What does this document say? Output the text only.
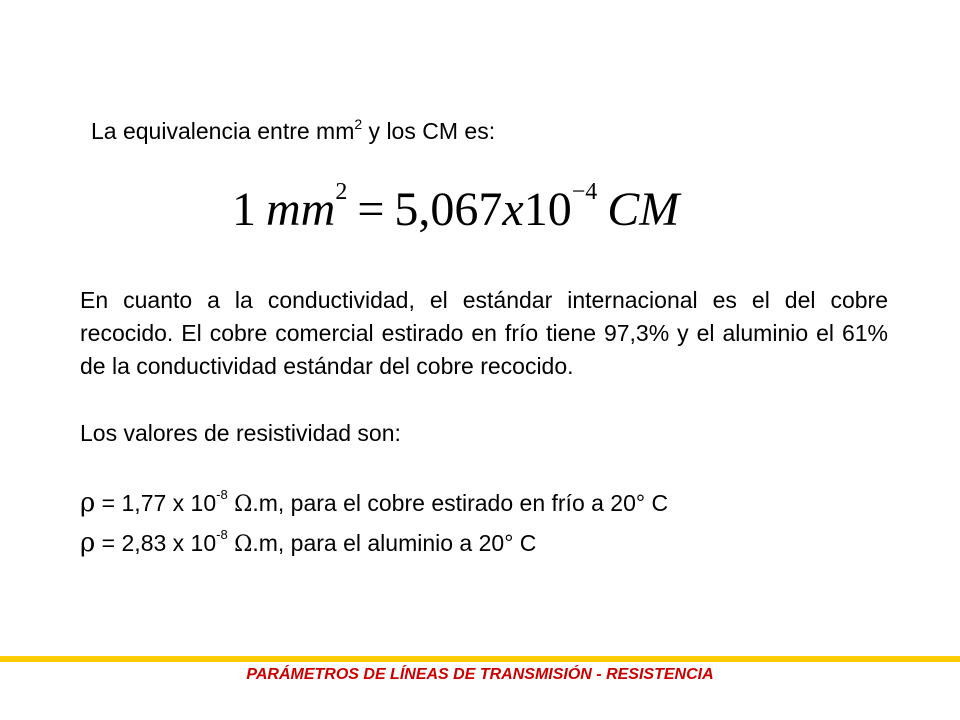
La equivalencia entre $mm^2$ y los CM es:
1 $mm^2 = 5,067x10^{-4}$ CM
En cuanto a la conductividad, el estándar internacional es el del cobre recocido. El cobre comercial estirado en frío tiene 97,3% y el aluminio el 61% de la conductividad estándar del cobre recocido.
Los valores de resistividad son:
ρ = 1,77 x $10^{-8}$ Ω.m, para el cobre estirado en frío a 20° C
ρ = 2,83 x $10^{-8}$ Ω.m, para el aluminio a 20° C
PARÁMETROS DE LÍNEAS DE TRANSMISIÓN - RESISTENCIA
